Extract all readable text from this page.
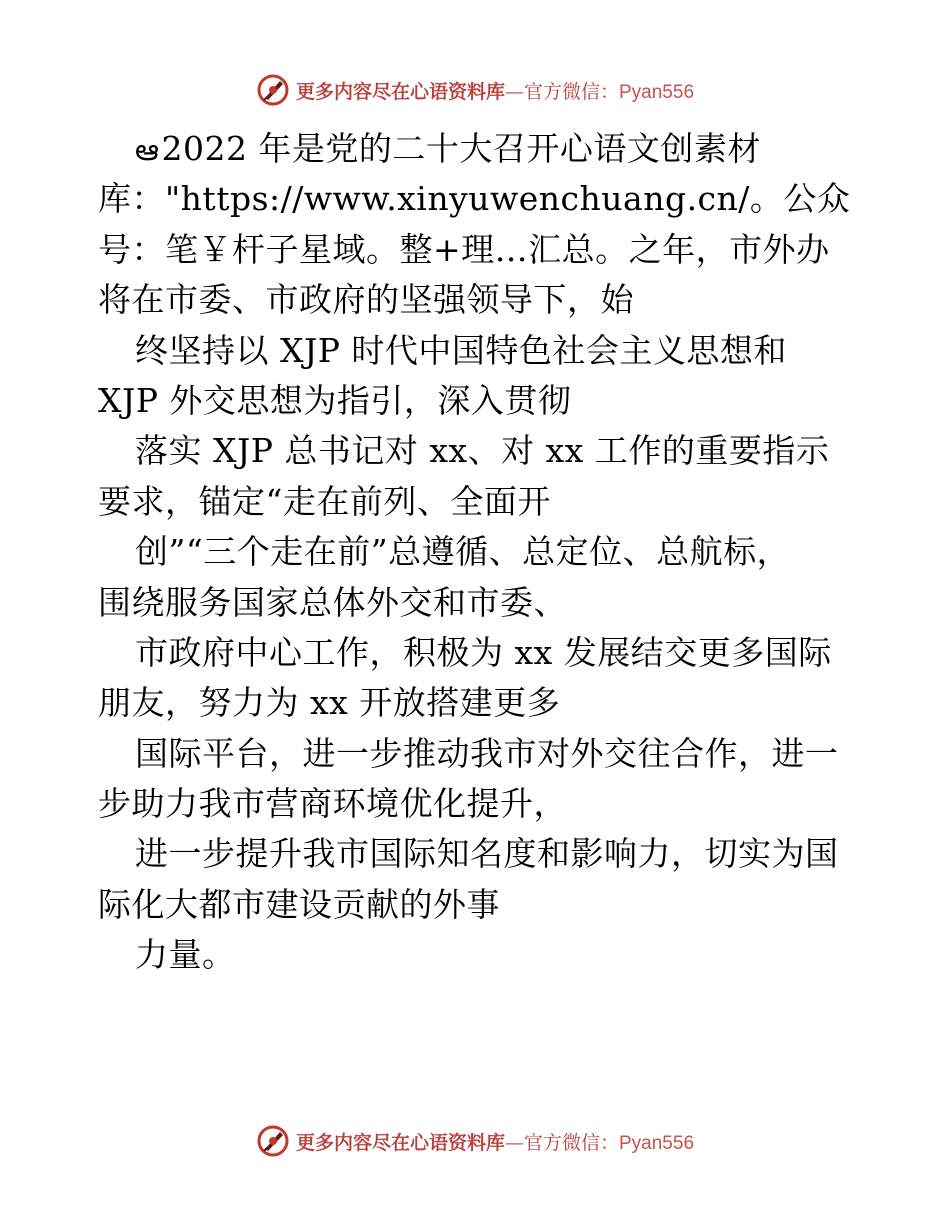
更多内容尽在心语资料库—官方微信：Pyan556
ఆ2022 年是党的二十大召开心语文创素材
库："https://www.xinyuwenchuang.cn/。公众
号：笔￥杆子星域。整+理…汇总。之年，市外办
将在市委、市政府的坚强领导下，始
终坚持以 XJP 时代中国特色社会主义思想和
XJP 外交思想为指引，深入贯彻
落实 XJP 总书记对 xx、对 xx 工作的重要指示
要求，锚定“走在前列、全面开
创”“三个走在前”总遵循、总定位、总航标，
围绕服务国家总体外交和市委、
市政府中心工作，积极为 xx 发展结交更多国际
朋友，努力为 xx 开放搭建更多
国际平台，进一步推动我市对外交往合作，进一
步助力我市营商环境优化提升，
进一步提升我市国际知名度和影响力，切实为国
际化大都市建设贡献的外事
力量。
更多内容尽在心语资料库—官方微信：Pyan556
